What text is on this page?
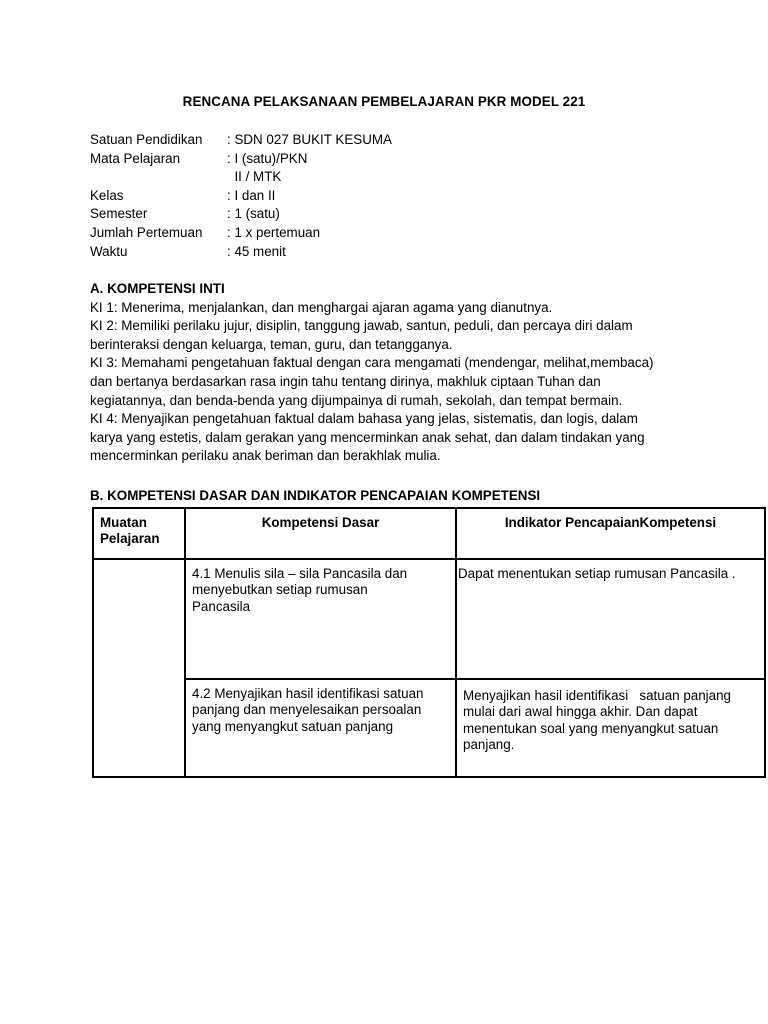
RENCANA PELAKSANAAN PEMBELAJARAN PKR MODEL 221
Satuan Pendidikan	: SDN 027 BUKIT KESUMA
Mata Pelajaran	: I (satu)/PKN
II / MTK
Kelas	: I dan II
Semester	: 1 (satu)
Jumlah Pertemuan	: 1 x pertemuan
Waktu	: 45 menit
A. KOMPETENSI INTI
KI 1: Menerima, menjalankan, dan menghargai ajaran agama yang dianutnya.
KI 2: Memiliki perilaku jujur, disiplin, tanggung jawab, santun, peduli, dan percaya diri dalam
berinteraksi dengan keluarga, teman, guru, dan tetangganya.
KI 3: Memahami pengetahuan faktual dengan cara mengamati (mendengar, melihat,membaca)
dan bertanya berdasarkan rasa ingin tahu tentang dirinya, makhluk ciptaan Tuhan dan
kegiatannya, dan benda-benda yang dijumpainya di rumah, sekolah, dan tempat bermain.
KI 4: Menyajikan pengetahuan faktual dalam bahasa yang jelas, sistematis, dan logis, dalam
karya yang estetis, dalam gerakan yang mencerminkan anak sehat, dan dalam tindakan yang
mencerminkan perilaku anak beriman dan berakhlak mulia.
B. KOMPETENSI DASAR DAN INDIKATOR PENCAPAIAN KOMPETENSI
Muatan
Pelajaran	Kompetensi Dasar	Indikator PencapaianKompetensi

	4.1 Menulis sila – sila Pancasila dan
menyebutkan setiap rumusan
Pancasila	Dapat menentukan setiap rumusan Pancasila .

	4.2 Menyajikan hasil identifikasi satuan
panjang dan menyelesaikan persoalan
yang menyangkut satuan panjang	Menyajikan hasil identifikasi   satuan panjang
mulai dari awal hingga akhir. Dan dapat
menentukan soal yang menyangkut satuan
panjang.
